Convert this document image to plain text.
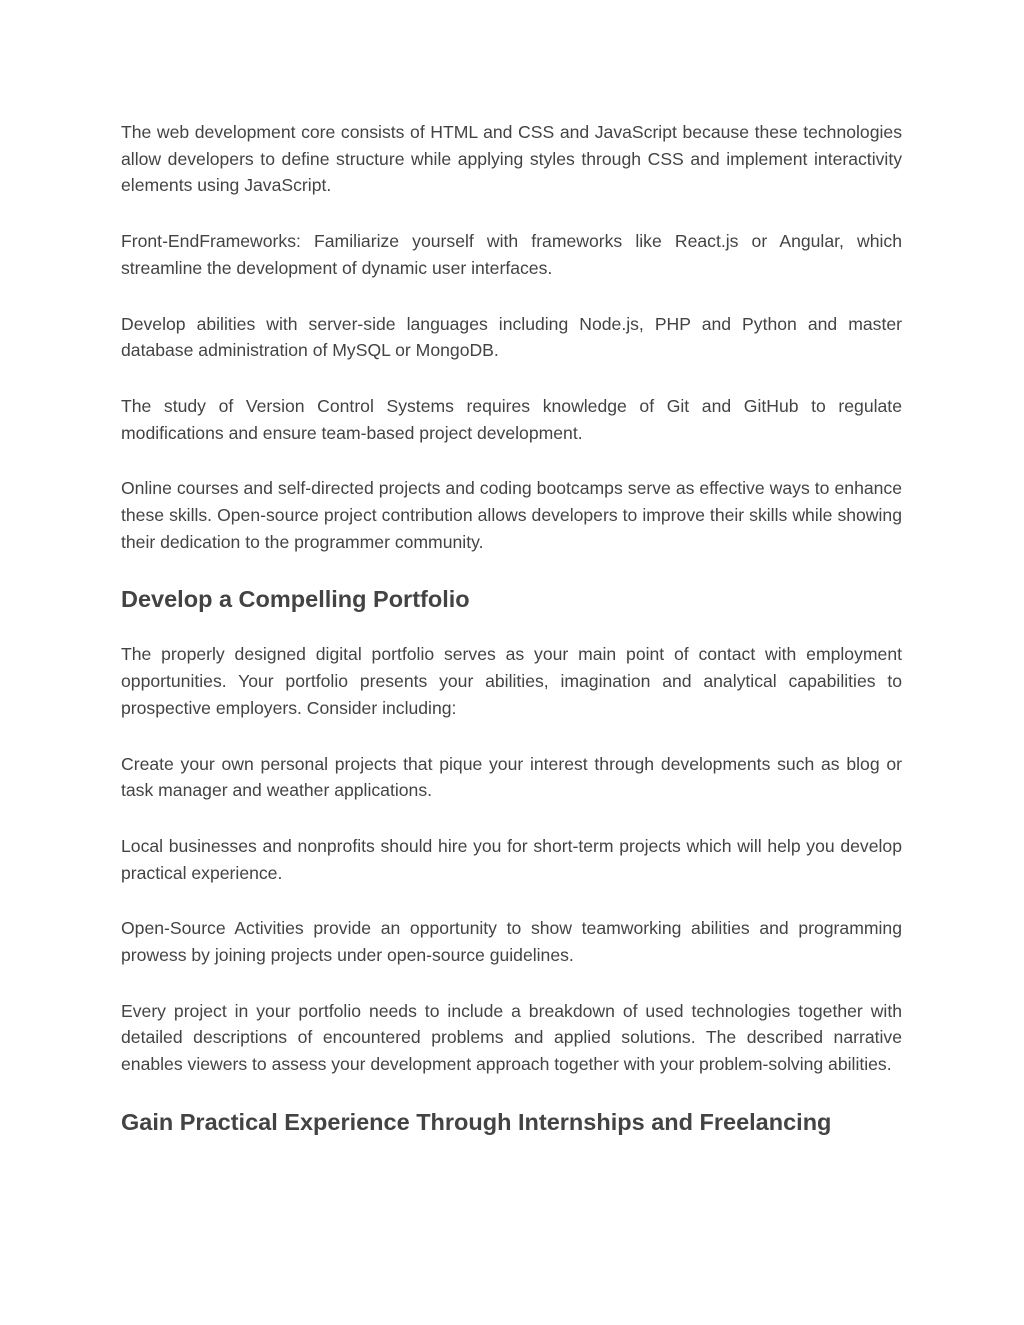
The web development core consists of HTML and CSS and JavaScript because these technologies allow developers to define structure while applying styles through CSS and implement interactivity elements using JavaScript.

Front-EndFrameworks: Familiarize yourself with frameworks like React.js or Angular, which streamline the development of dynamic user interfaces.

Develop abilities with server-side languages including Node.js, PHP and Python and master database administration of MySQL or MongoDB.

The study of Version Control Systems requires knowledge of Git and GitHub to regulate modifications and ensure team-based project development.

Online courses and self-directed projects and coding bootcamps serve as effective ways to enhance these skills. Open-source project contribution allows developers to improve their skills while showing their dedication to the programmer community.

Develop a Compelling Portfolio

The properly designed digital portfolio serves as your main point of contact with employment opportunities. Your portfolio presents your abilities, imagination and analytical capabilities to prospective employers. Consider including:

Create your own personal projects that pique your interest through developments such as blog or task manager and weather applications.

Local businesses and nonprofits should hire you for short-term projects which will help you develop practical experience.

Open-Source Activities provide an opportunity to show teamworking abilities and programming prowess by joining projects under open-source guidelines.

Every project in your portfolio needs to include a breakdown of used technologies together with detailed descriptions of encountered problems and applied solutions. The described narrative enables viewers to assess your development approach together with your problem-solving abilities.

Gain Practical Experience Through Internships and Freelancing
